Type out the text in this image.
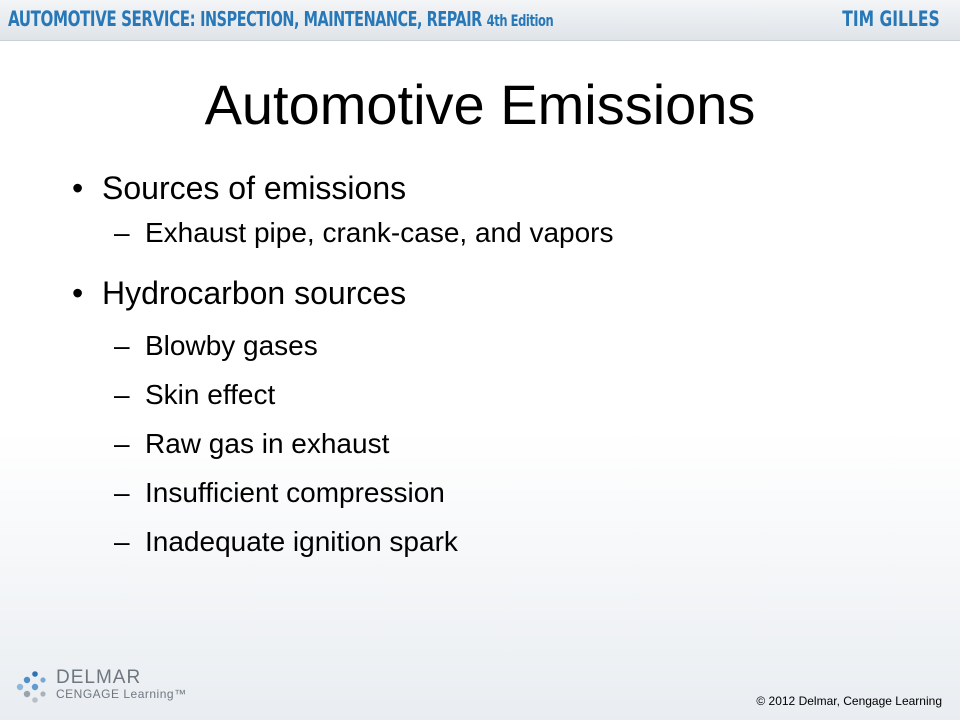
AUTOMOTIVE SERVICE: INSPECTION, MAINTENANCE, REPAIR 4th Edition	TIM GILLES
Automotive Emissions
• Sources of emissions
– Exhaust pipe, crank-case, and vapors
• Hydrocarbon sources
– Blowby gases
– Skin effect
– Raw gas in exhaust
– Insufficient compression
– Inadequate ignition spark
DELMAR
CENGAGE Learning™	© 2012 Delmar, Cengage Learning
